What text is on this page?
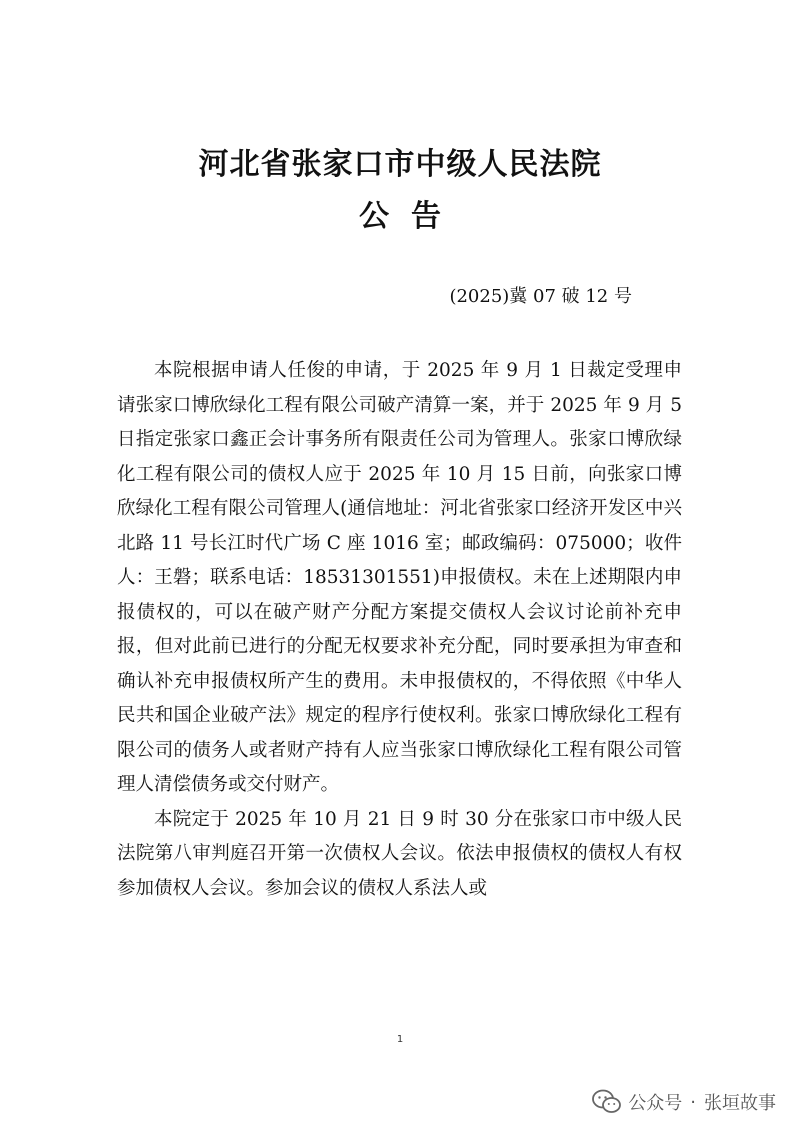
河北省张家口市中级人民法院
公告
(2025)冀 07 破 12 号

本院根据申请人任俊的申请，于 2025 年 9 月 1 日裁定受理申请张家口博欣绿化工程有限公司破产清算一案，并于 2025 年 9 月 5 日指定张家口鑫正会计事务所有限责任公司为管理人。张家口博欣绿化工程有限公司的债权人应于 2025 年 10 月 15 日前，向张家口博欣绿化工程有限公司管理人(通信地址：河北省张家口经济开发区中兴北路 11 号长江时代广场 C 座 1016 室；邮政编码：075000；收件人：王磐；联系电话：18531301551)申报债权。未在上述期限内申报债权的，可以在破产财产分配方案提交债权人会议讨论前补充申报，但对此前已进行的分配无权要求补充分配，同时要承担为审查和确认补充申报债权所产生的费用。未申报债权的，不得依照《中华人民共和国企业破产法》规定的程序行使权利。张家口博欣绿化工程有限公司的债务人或者财产持有人应当张家口博欣绿化工程有限公司管理人清偿债务或交付财产。

本院定于 2025 年 10 月 21 日 9 时 30 分在张家口市中级人民法院第八审判庭召开第一次债权人会议。依法申报债权的债权人有权参加债权人会议。参加会议的债权人系法人或

1
公众号 · 张垣故事
